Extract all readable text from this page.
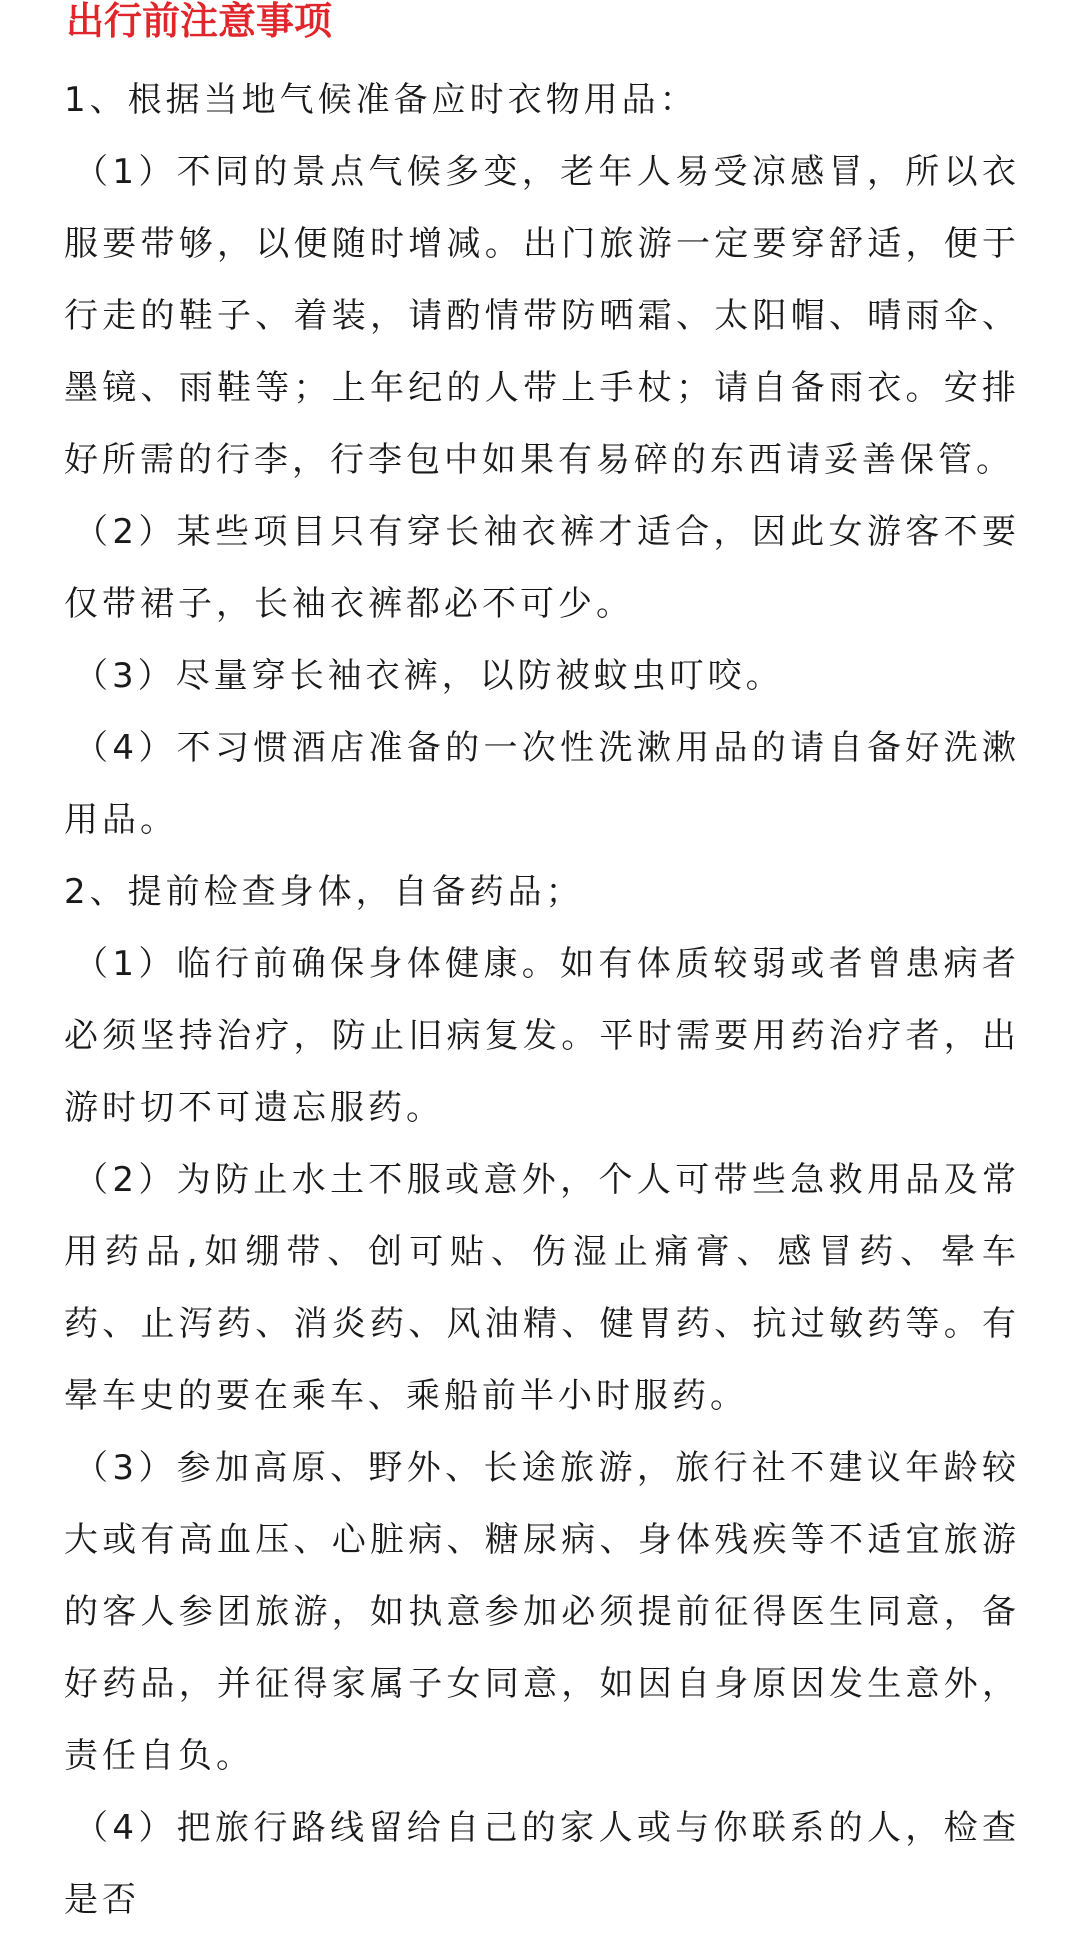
出行前注意事项

1、根据当地气候准备应时衣物用品：

（1）不同的景点气候多变，老年人易受凉感冒，所以衣服要带够，以便随时增减。出门旅游一定要穿舒适，便于行走的鞋子、着装，请酌情带防晒霜、太阳帽、晴雨伞、墨镜、雨鞋等；上年纪的人带上手杖；请自备雨衣。安排好所需的行李，行李包中如果有易碎的东西请妥善保管。

（2）某些项目只有穿长袖衣裤才适合，因此女游客不要仅带裙子，长袖衣裤都必不可少。

（3）尽量穿长袖衣裤，以防被蚊虫叮咬。

（4）不习惯酒店准备的一次性洗漱用品的请自备好洗漱用品。

2、提前检查身体，自备药品；

（1）临行前确保身体健康。如有体质较弱或者曾患病者必须坚持治疗，防止旧病复发。平时需要用药治疗者，出游时切不可遗忘服药。

（2）为防止水土不服或意外，个人可带些急救用品及常用药品,如绷带、创可贴、伤湿止痛膏、感冒药、晕车药、止泻药、消炎药、风油精、健胃药、抗过敏药等。有晕车史的要在乘车、乘船前半小时服药。

（3）参加高原、野外、长途旅游，旅行社不建议年龄较大或有高血压、心脏病、糖尿病、身体残疾等不适宜旅游的客人参团旅游，如执意参加必须提前征得医生同意，备好药品，并征得家属子女同意，如因自身原因发生意外，责任自负。

（4）把旅行路线留给自己的家人或与你联系的人，检查是否
